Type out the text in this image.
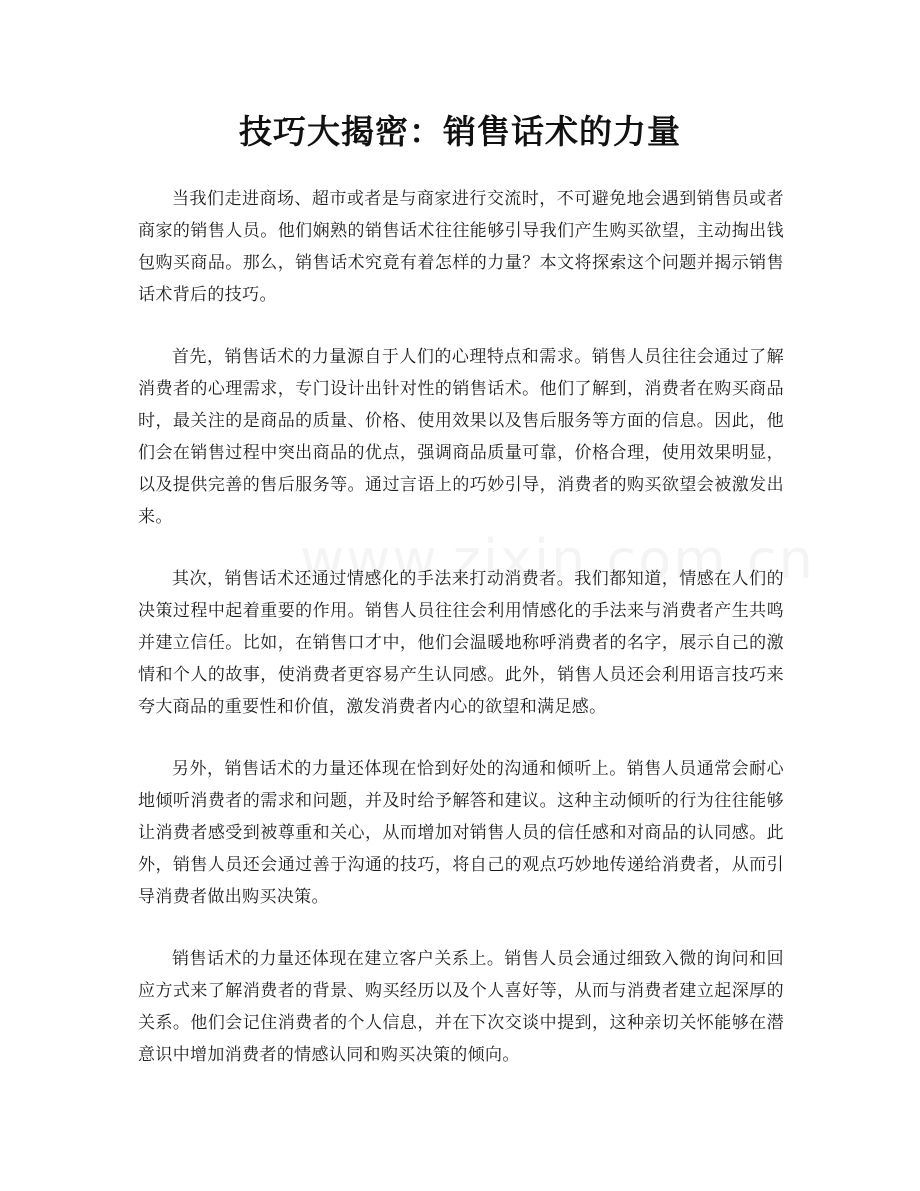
技巧大揭密：销售话术的力量

当我们走进商场、超市或者是与商家进行交流时，不可避免地会遇到销售员或者商家的销售人员。他们娴熟的销售话术往往能够引导我们产生购买欲望，主动掏出钱包购买商品。那么，销售话术究竟有着怎样的力量？本文将探索这个问题并揭示销售话术背后的技巧。

首先，销售话术的力量源自于人们的心理特点和需求。销售人员往往会通过了解消费者的心理需求，专门设计出针对性的销售话术。他们了解到，消费者在购买商品时，最关注的是商品的质量、价格、使用效果以及售后服务等方面的信息。因此，他们会在销售过程中突出商品的优点，强调商品质量可靠，价格合理，使用效果明显，以及提供完善的售后服务等。通过言语上的巧妙引导，消费者的购买欲望会被激发出来。

其次，销售话术还通过情感化的手法来打动消费者。我们都知道，情感在人们的决策过程中起着重要的作用。销售人员往往会利用情感化的手法来与消费者产生共鸣并建立信任。比如，在销售口才中，他们会温暖地称呼消费者的名字，展示自己的激情和个人的故事，使消费者更容易产生认同感。此外，销售人员还会利用语言技巧来夸大商品的重要性和价值，激发消费者内心的欲望和满足感。

另外，销售话术的力量还体现在恰到好处的沟通和倾听上。销售人员通常会耐心地倾听消费者的需求和问题，并及时给予解答和建议。这种主动倾听的行为往往能够让消费者感受到被尊重和关心，从而增加对销售人员的信任感和对商品的认同感。此外，销售人员还会通过善于沟通的技巧，将自己的观点巧妙地传递给消费者，从而引导消费者做出购买决策。

销售话术的力量还体现在建立客户关系上。销售人员会通过细致入微的询问和回应方式来了解消费者的背景、购买经历以及个人喜好等，从而与消费者建立起深厚的关系。他们会记住消费者的个人信息，并在下次交谈中提到，这种亲切关怀能够在潜意识中增加消费者的情感认同和购买决策的倾向。
